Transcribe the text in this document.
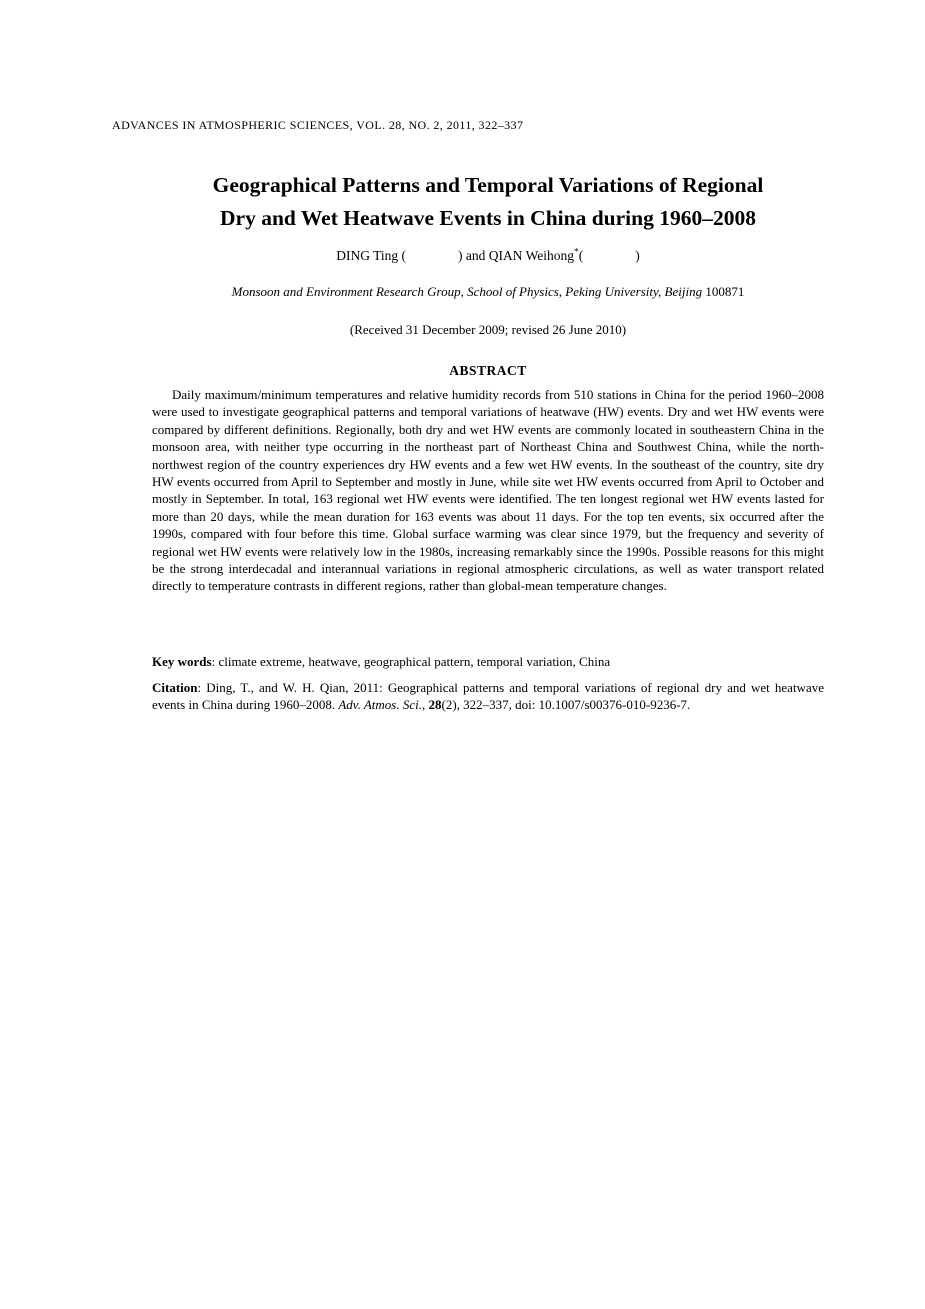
ADVANCES IN ATMOSPHERIC SCIENCES, VOL. 28, NO. 2, 2011, 322–337
Geographical Patterns and Temporal Variations of Regional
Dry and Wet Heatwave Events in China during 1960–2008
DING Ting (	) and QIAN Weihong*(	)
Monsoon and Environment Research Group, School of Physics, Peking University, Beijing 100871
(Received 31 December 2009; revised 26 June 2010)
ABSTRACT

Daily maximum/minimum temperatures and relative humidity records from 510 stations in China for the period 1960–2008 were used to investigate geographical patterns and temporal variations of heatwave (HW) events. Dry and wet HW events were compared by different definitions. Regionally, both dry and wet HW events are commonly located in southeastern China in the monsoon area, with neither type occurring in the northeast part of Northeast China and Southwest China, while the north-northwest region of the country experiences dry HW events and a few wet HW events. In the southeast of the country, site dry HW events occurred from April to September and mostly in June, while site wet HW events occurred from April to October and mostly in September. In total, 163 regional wet HW events were identified. The ten longest regional wet HW events lasted for more than 20 days, while the mean duration for 163 events was about 11 days. For the top ten events, six occurred after the 1990s, compared with four before this time. Global surface warming was clear since 1979, but the frequency and severity of regional wet HW events were relatively low in the 1980s, increasing remarkably since the 1990s. Possible reasons for this might be the strong interdecadal and interannual variations in regional atmospheric circulations, as well as water transport related directly to temperature contrasts in different regions, rather than global-mean temperature changes.

Key words: climate extreme, heatwave, geographical pattern, temporal variation, China

Citation: Ding, T., and W. H. Qian, 2011: Geographical patterns and temporal variations of regional dry and wet heatwave events in China during 1960–2008. Adv. Atmos. Sci., 28(2), 322–337, doi: 10.1007/s00376-010-9236-7.
